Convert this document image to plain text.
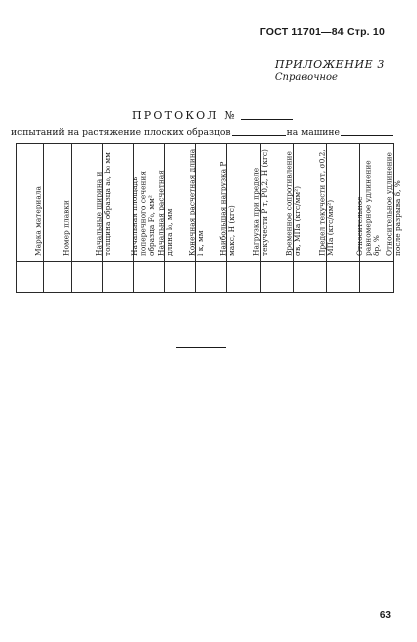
ГОСТ 11701—84 Стр. 10
ПРИЛОЖЕНИЕ 3
Справочное
ПРОТОКОЛ №
испытаний на растяжение плоских образцов	на машине
Марка материала	Номер плавки	Начальные ширина и толщина образца a₀, b₀ мм	Начальная площадь поперечного сечения образца F₀, мм²	Начальная расчетная длина l₀, мм	Конечная расчетная длина l к, мм	Наибольшая нагрузка P макс, Н (кгс)	Нагрузка при пределе текучести P т, P0,2, Н (кгс)	Временное сопротивление σв, МПа (кгс/мм²)	Предел текучести σт, σ0,2, МПа (кгс/мм²)	Относительное равномерное удлинение δр, %	Относительное удлинение после разрыва δ, %

63
